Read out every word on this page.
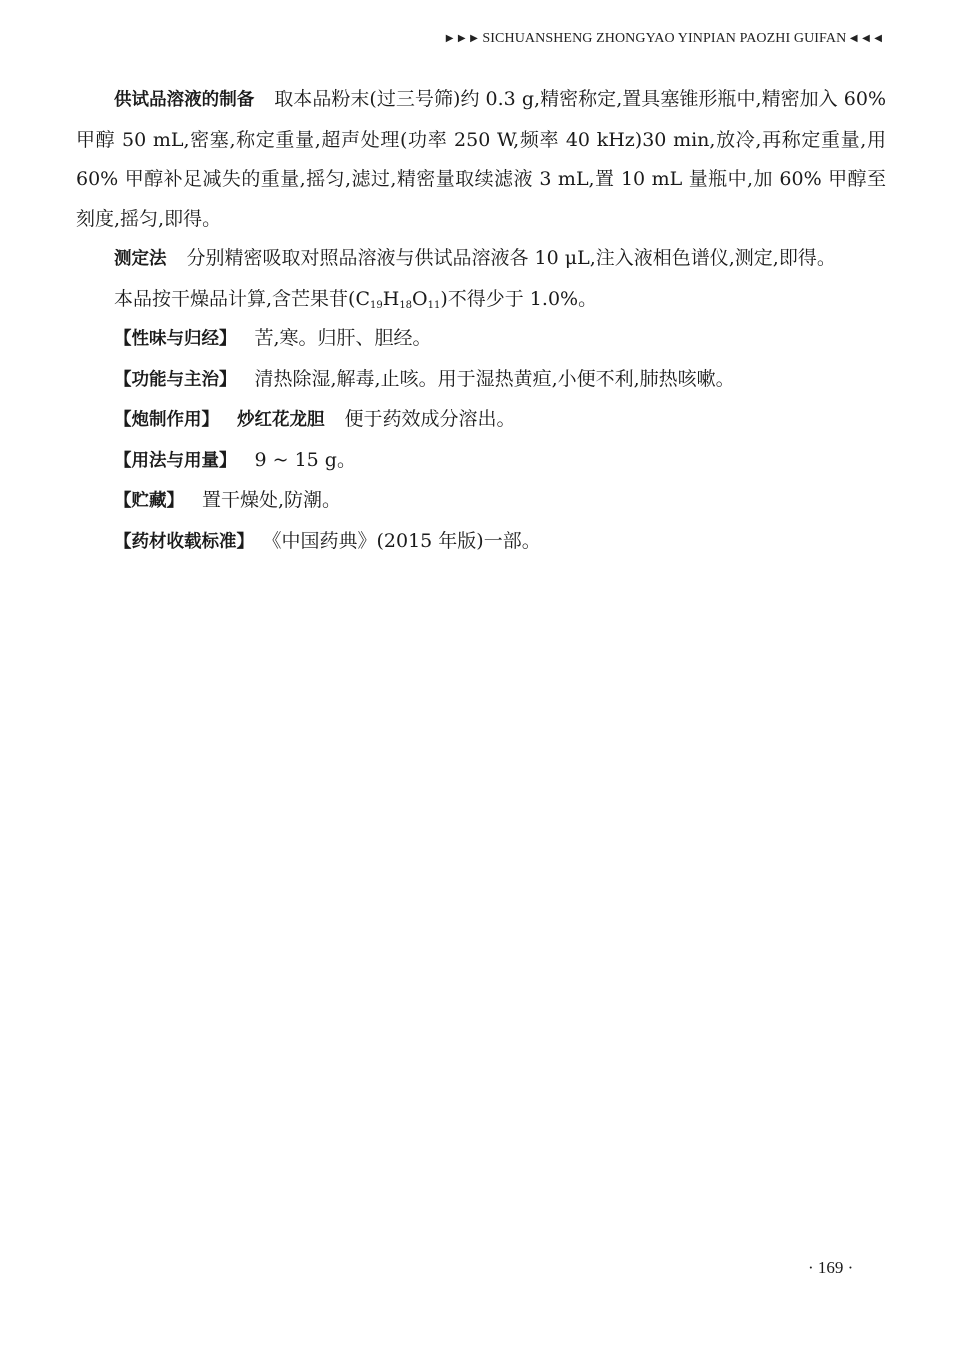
▶ ▶ ▶ SICHUANSHENG ZHONGYAO YINPIAN PAOZHI GUIFAN ◀ ◀ ◀

供试品溶液的制备 取本品粉末(过三号筛)约 0.3 g,精密称定,置具塞锥形瓶中,精密加入 60% 甲醇 50 mL,密塞,称定重量,超声处理(功率 250 W,频率 40 kHz)30 min,放冷,再称定重量,用 60% 甲醇补足减失的重量,摇匀,滤过,精密量取续滤液 3 mL,置 10 mL 量瓶中,加 60% 甲醇至刻度,摇匀,即得。

测定法 分别精密吸取对照品溶液与供试品溶液各 10 μL,注入液相色谱仪,测定,即得。

本品按干燥品计算,含芒果苷$(C_{19}H_{18}O_{11})$不得少于 1.0%。

【性味与归经】 苦,寒。归肝、胆经。

【功能与主治】 清热除湿,解毒,止咳。用于湿热黄疸,小便不利,肺热咳嗽。

【炮制作用】 炒红花龙胆 便于药效成分溶出。

【用法与用量】 9 ~ 15 g。

【贮藏】 置干燥处,防潮。

【药材收载标准】 《中国药典》(2015 年版)一部。

· 169 ·
